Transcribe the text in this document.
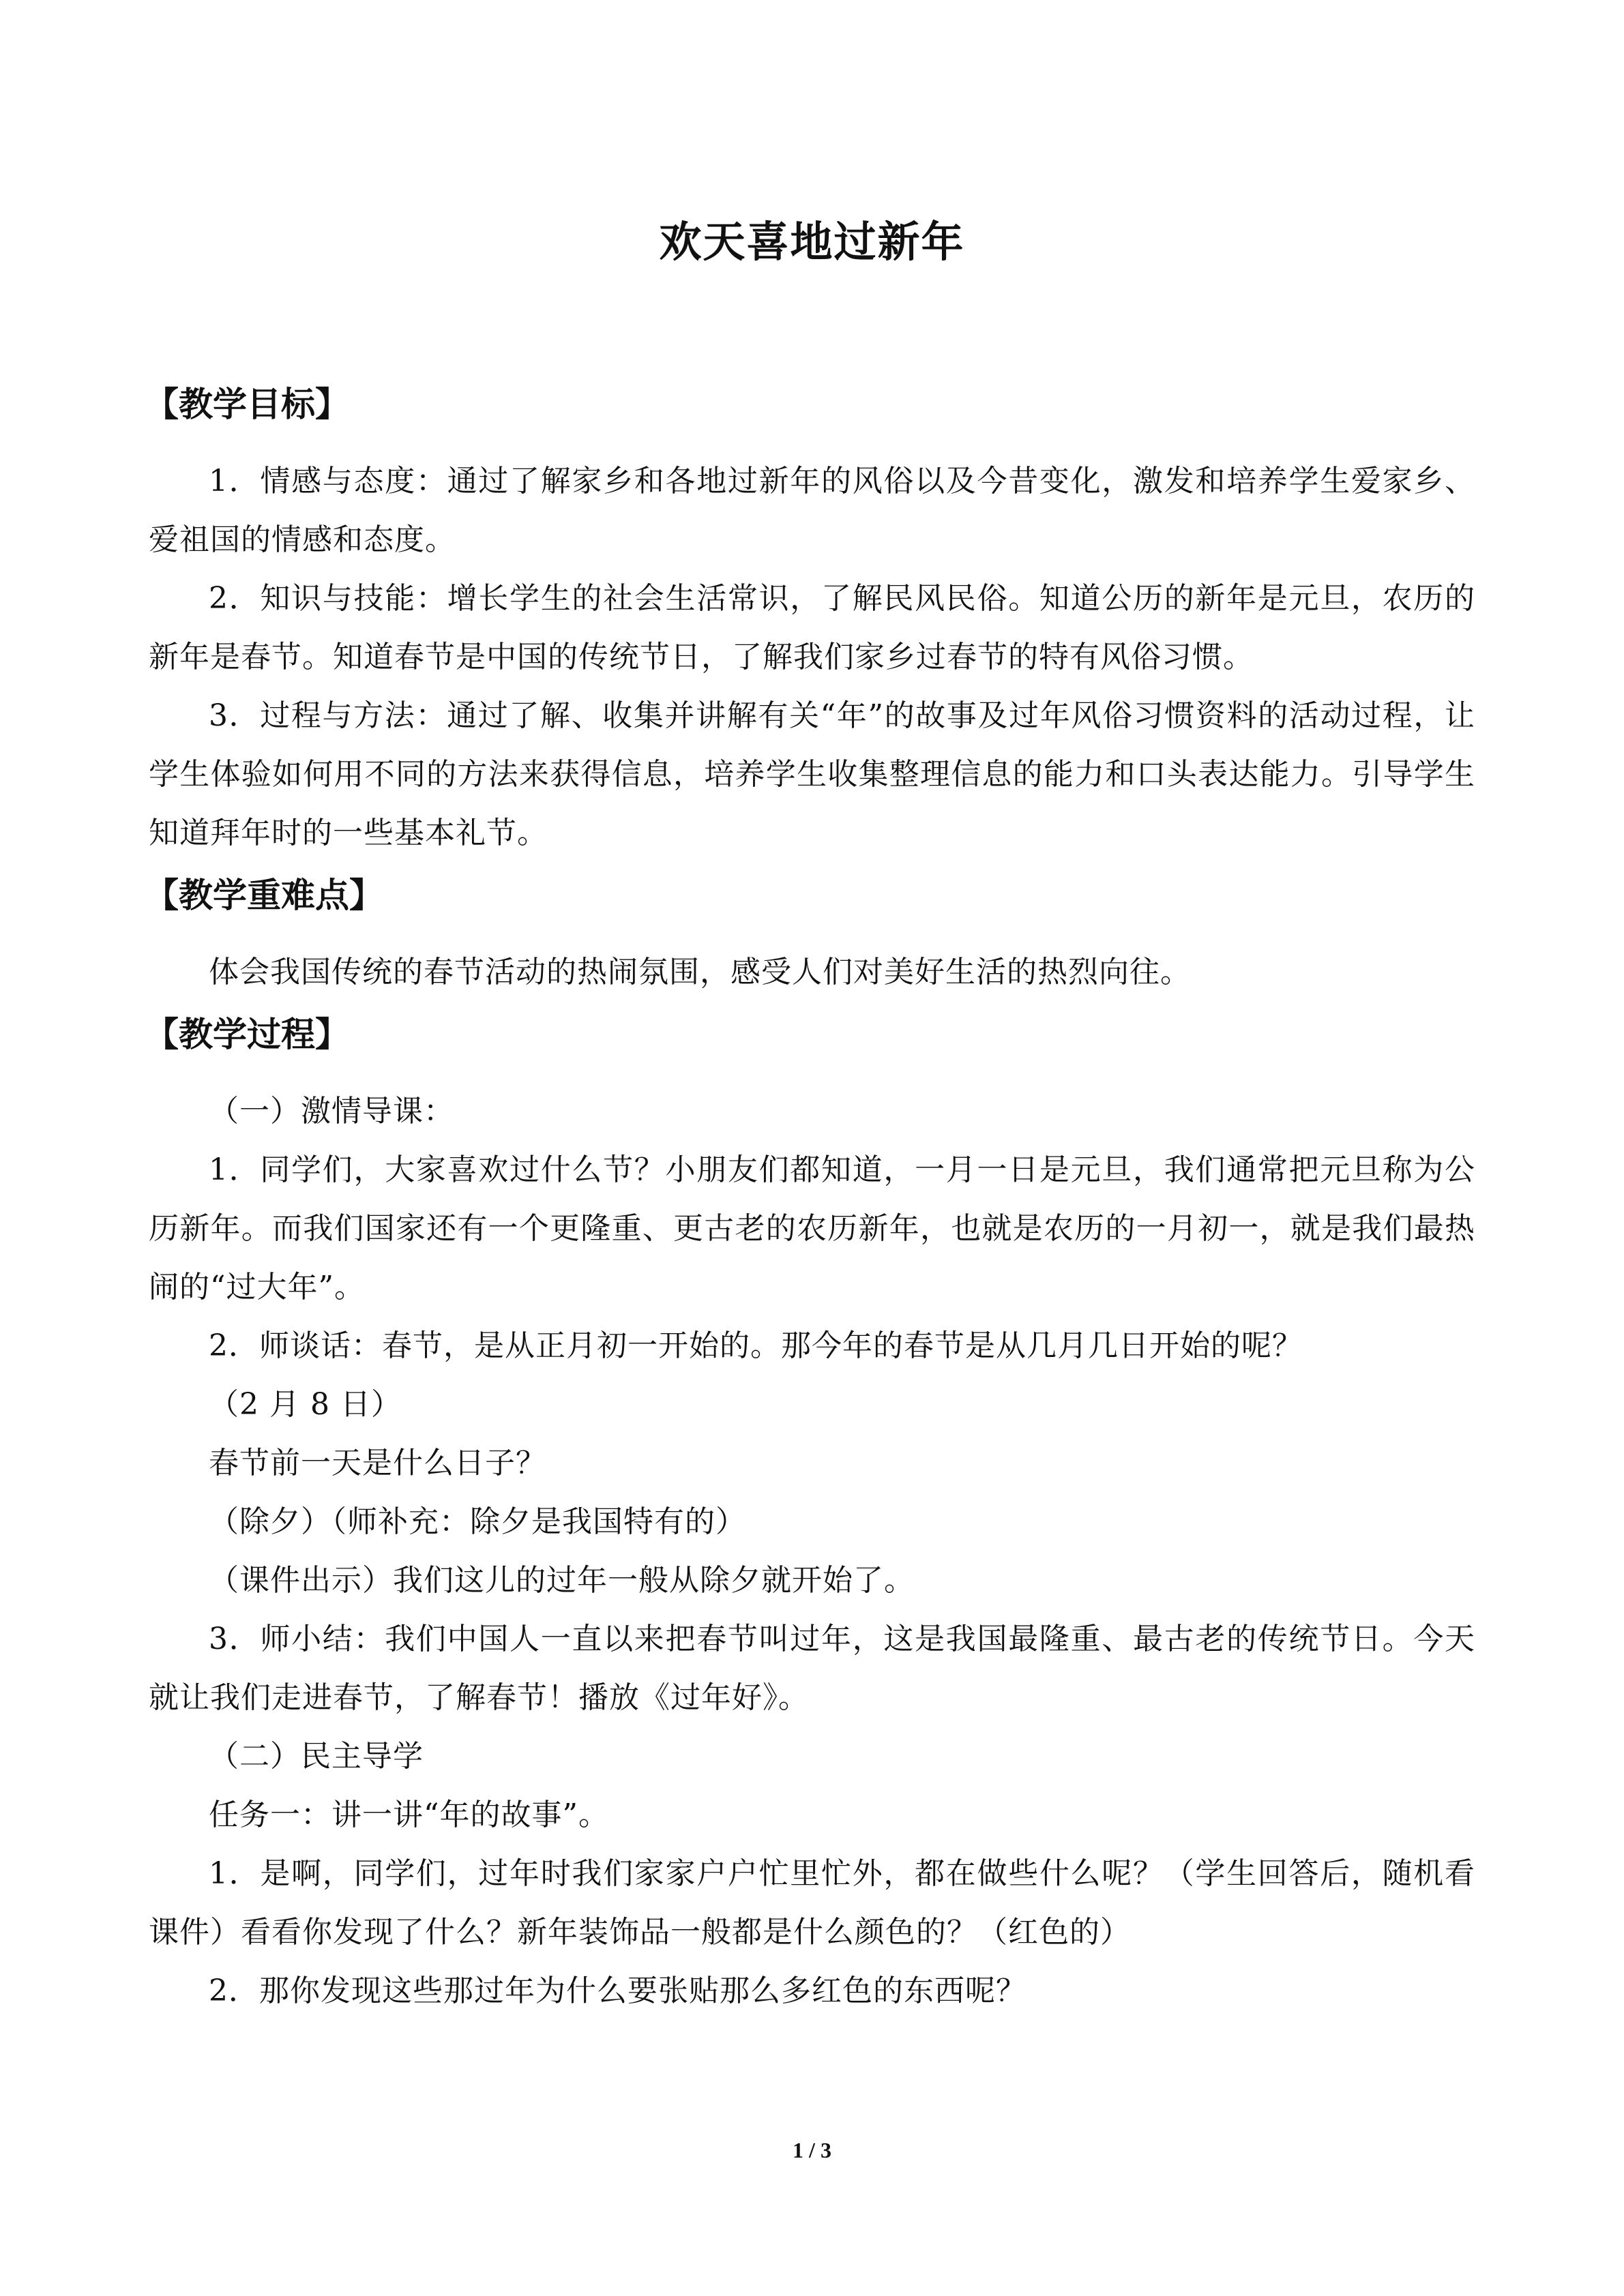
欢天喜地过新年
【教学目标】
1．情感与态度：通过了解家乡和各地过新年的风俗以及今昔变化，激发和培养学生爱家乡、爱祖国的情感和态度。
2．知识与技能：增长学生的社会生活常识，了解民风民俗。知道公历的新年是元旦，农历的新年是春节。知道春节是中国的传统节日，了解我们家乡过春节的特有风俗习惯。
3．过程与方法：通过了解、收集并讲解有关“年”的故事及过年风俗习惯资料的活动过程，让学生体验如何用不同的方法来获得信息，培养学生收集整理信息的能力和口头表达能力。引导学生知道拜年时的一些基本礼节。
【教学重难点】
体会我国传统的春节活动的热闹氛围，感受人们对美好生活的热烈向往。
【教学过程】
（一）激情导课：
1．同学们，大家喜欢过什么节？小朋友们都知道，一月一日是元旦，我们通常把元旦称为公历新年。而我们国家还有一个更隆重、更古老的农历新年，也就是农历的一月初一，就是我们最热闹的“过大年”。
2．师谈话：春节，是从正月初一开始的。那今年的春节是从几月几日开始的呢？
（2 月 8 日）
春节前一天是什么日子？
（除夕）（师补充：除夕是我国特有的）
（课件出示）我们这儿的过年一般从除夕就开始了。
3．师小结：我们中国人一直以来把春节叫过年，这是我国最隆重、最古老的传统节日。今天就让我们走进春节，了解春节！播放《过年好》。
（二）民主导学
任务一：讲一讲“年的故事”。
1．是啊，同学们，过年时我们家家户户忙里忙外，都在做些什么呢？（学生回答后，随机看课件）看看你发现了什么？新年装饰品一般都是什么颜色的？（红色的）
2．那你发现这些那过年为什么要张贴那么多红色的东西呢？
1 / 3
